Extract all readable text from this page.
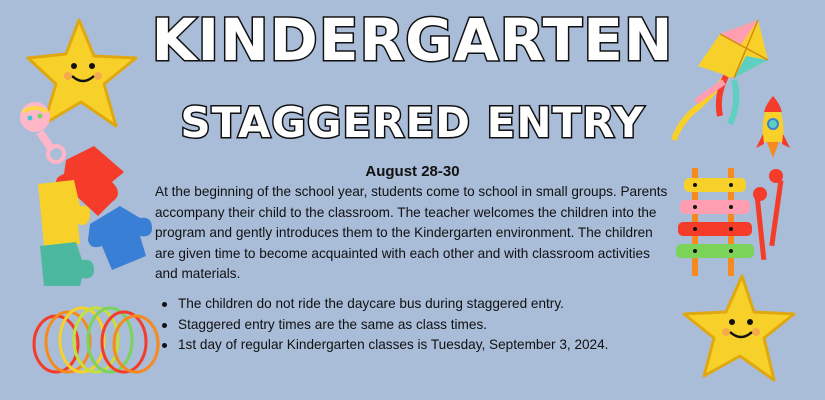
KINDERGARTEN
STAGGERED ENTRY
August 28-30

At the beginning of the school year, students come to school in small groups. Parents accompany their child to the classroom. The teacher welcomes the children into the program and gently introduces them to the Kindergarten environment. The children are given time to become acquainted with each other and with classroom activities and materials.

The children do not ride the daycare bus during staggered entry.
Staggered entry times are the same as class times.
1st day of regular Kindergarten classes is Tuesday, September 3, 2024.
